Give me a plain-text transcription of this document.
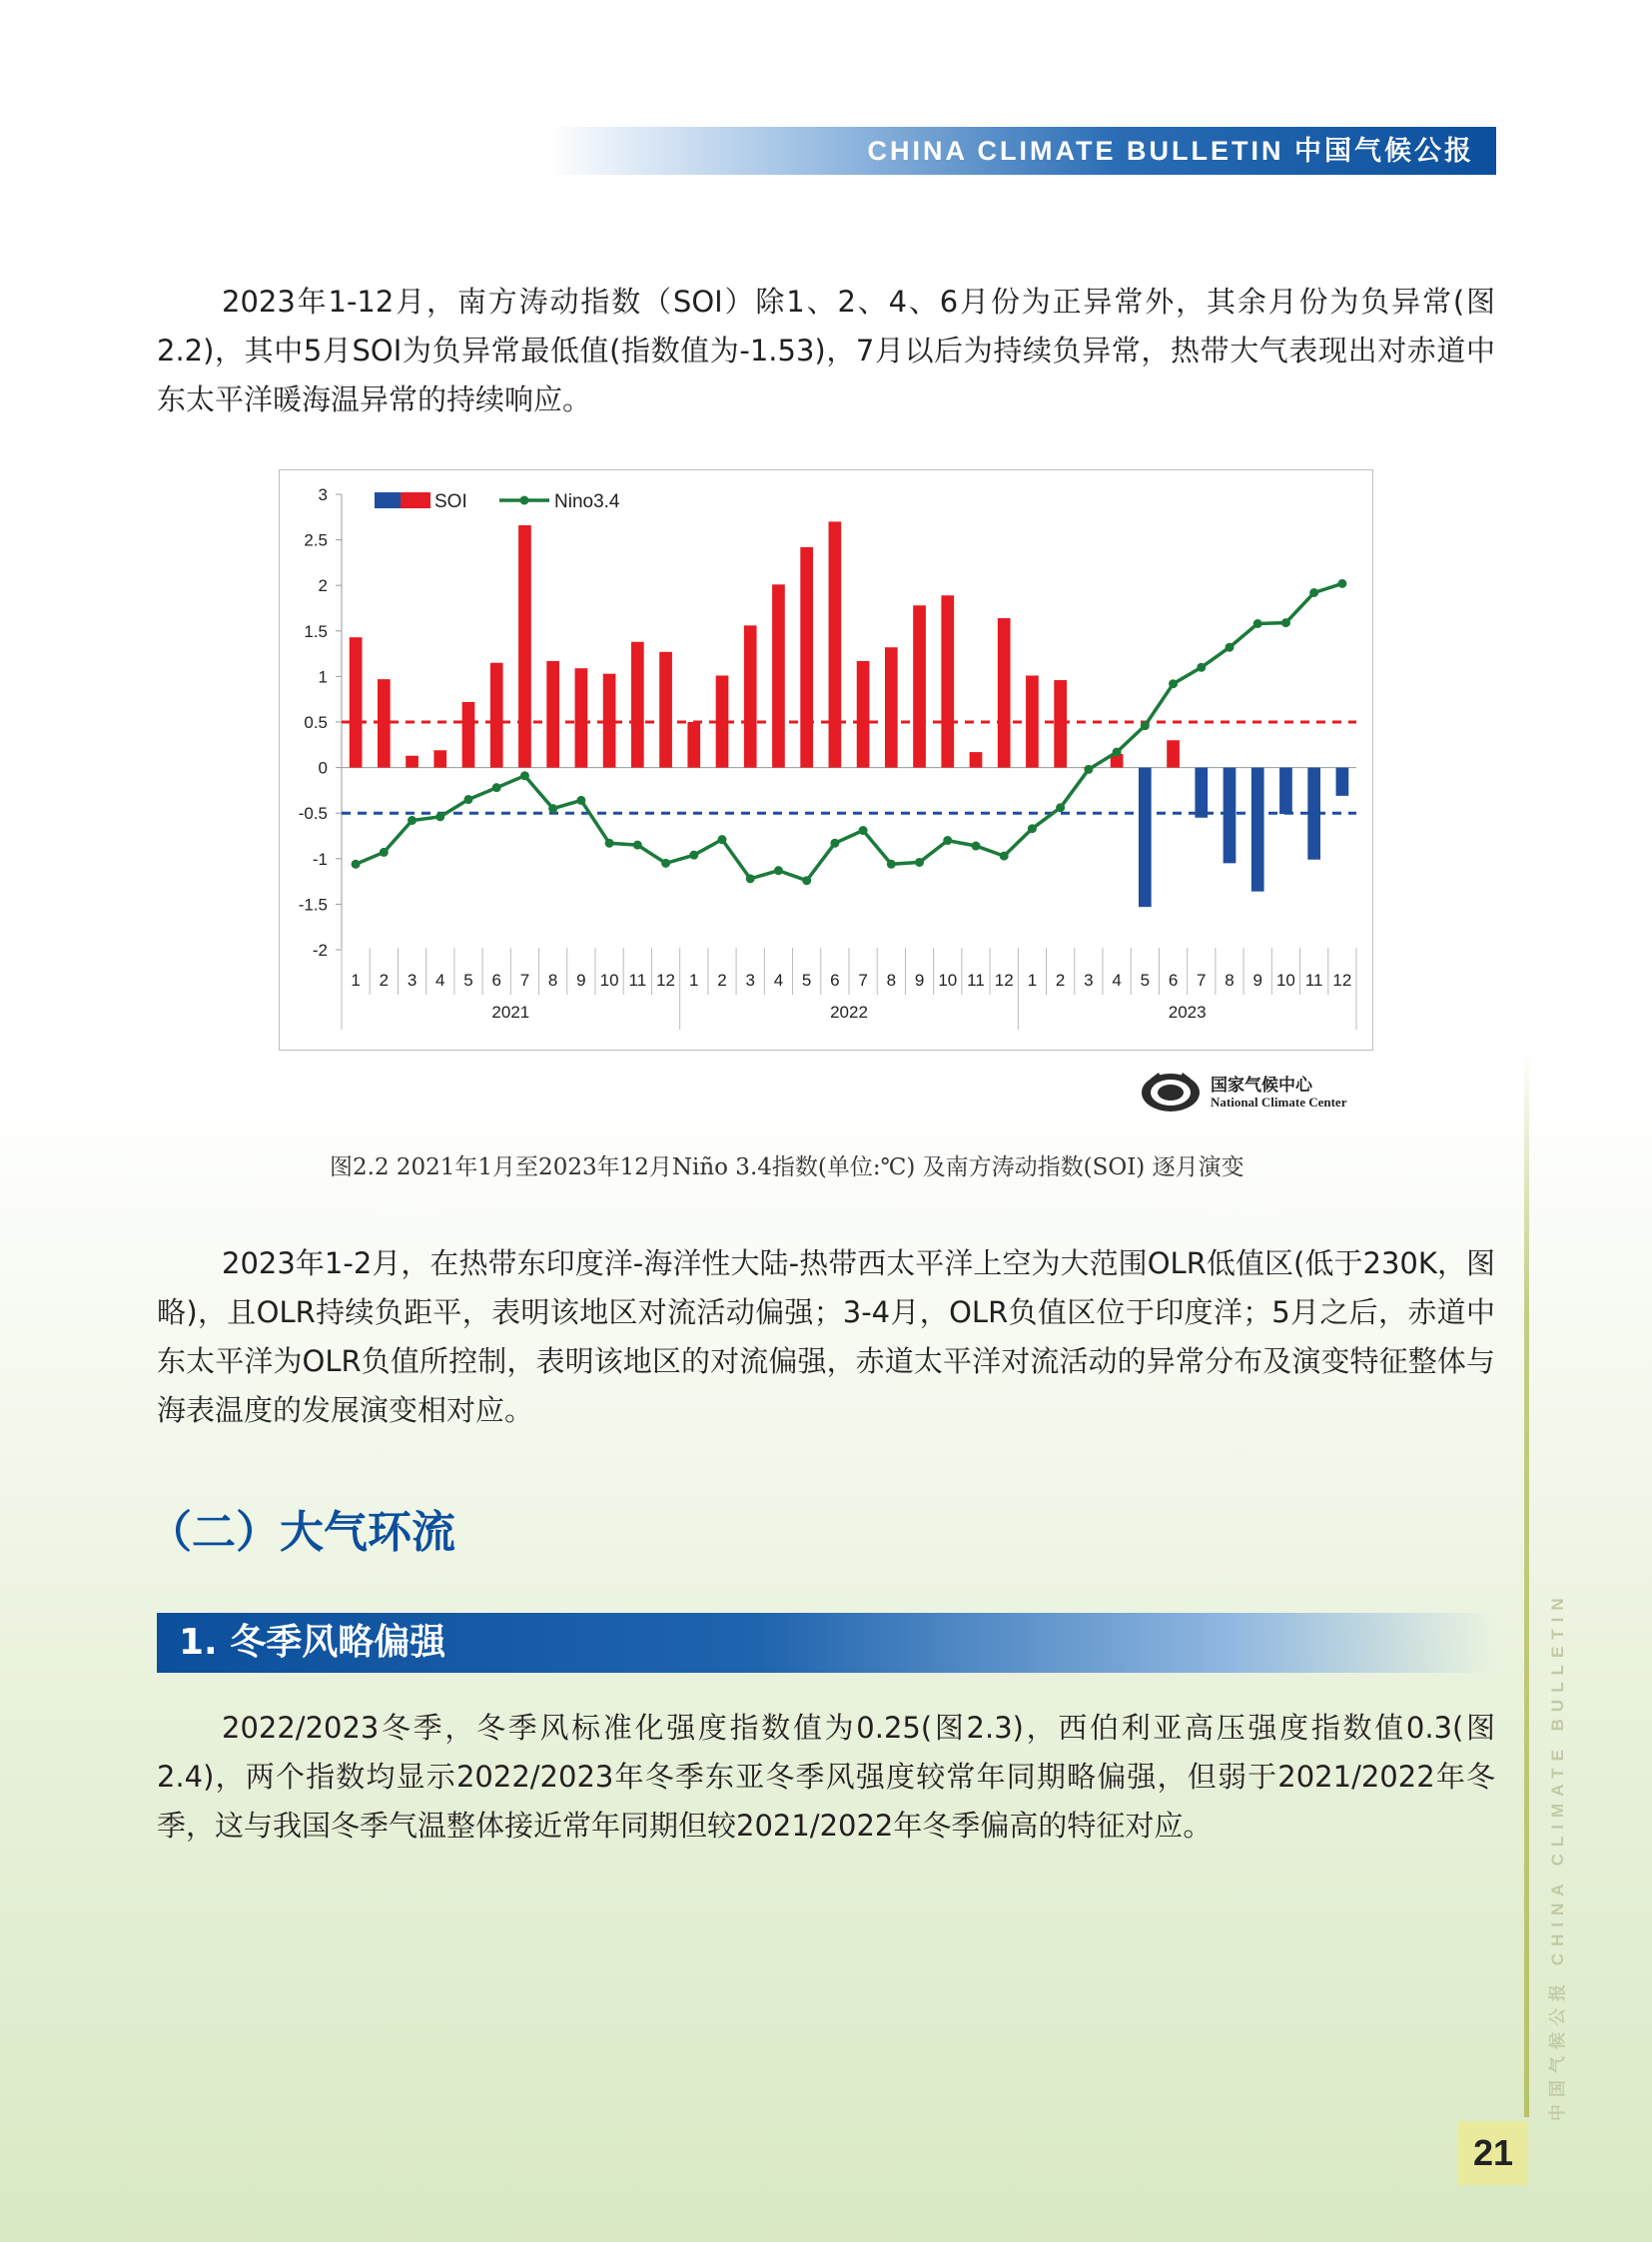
CHINA CLIMATE BULLETIN 中国气候公报

2023年1-12月，南方涛动指数（SOI）除1、2、4、6月份为正异常外，其余月份为负异常(图2.2)，其中5月SOI为负异常最低值(指数值为-1.53)，7月以后为持续负异常，热带大气表现出对赤道中东太平洋暖海温异常的持续响应。

3
2.5
2
1.5
1
0.5
0
-0.5
-1
-1.5
-2
1 2 3 4 5 6 7 8 9 10 11 12 1 2 3 4 5 6 7 8 9 10 11 12 1 2 3 4 5 6 7 8 9 10 11 12
2021	2022	2023
SOI	Nino3.4
国家气候中心
National Climate Center
图2.2 2021年1月至2023年12月Niño 3.4指数(单位:℃) 及南方涛动指数(SOI) 逐月演变

2023年1-2月，在热带东印度洋-海洋性大陆-热带西太平洋上空为大范围OLR低值区(低于230K，图略)，且OLR持续负距平，表明该地区对流活动偏强；3-4月，OLR负值区位于印度洋；5月之后，赤道中东太平洋为OLR负值所控制，表明该地区的对流偏强，赤道太平洋对流活动的异常分布及演变特征整体与海表温度的发展演变相对应。

（二）大气环流
1. 冬季风略偏强

2022/2023冬季，冬季风标准化强度指数值为0.25(图2.3)，西伯利亚高压强度指数值0.3(图2.4)，两个指数均显示2022/2023年冬季东亚冬季风强度较常年同期略偏强，但弱于2021/2022年冬季，这与我国冬季气温整体接近常年同期但较2021/2022年冬季偏高的特征对应。	中国气候公报 CHINA CLIMATE BULLETIN
21
